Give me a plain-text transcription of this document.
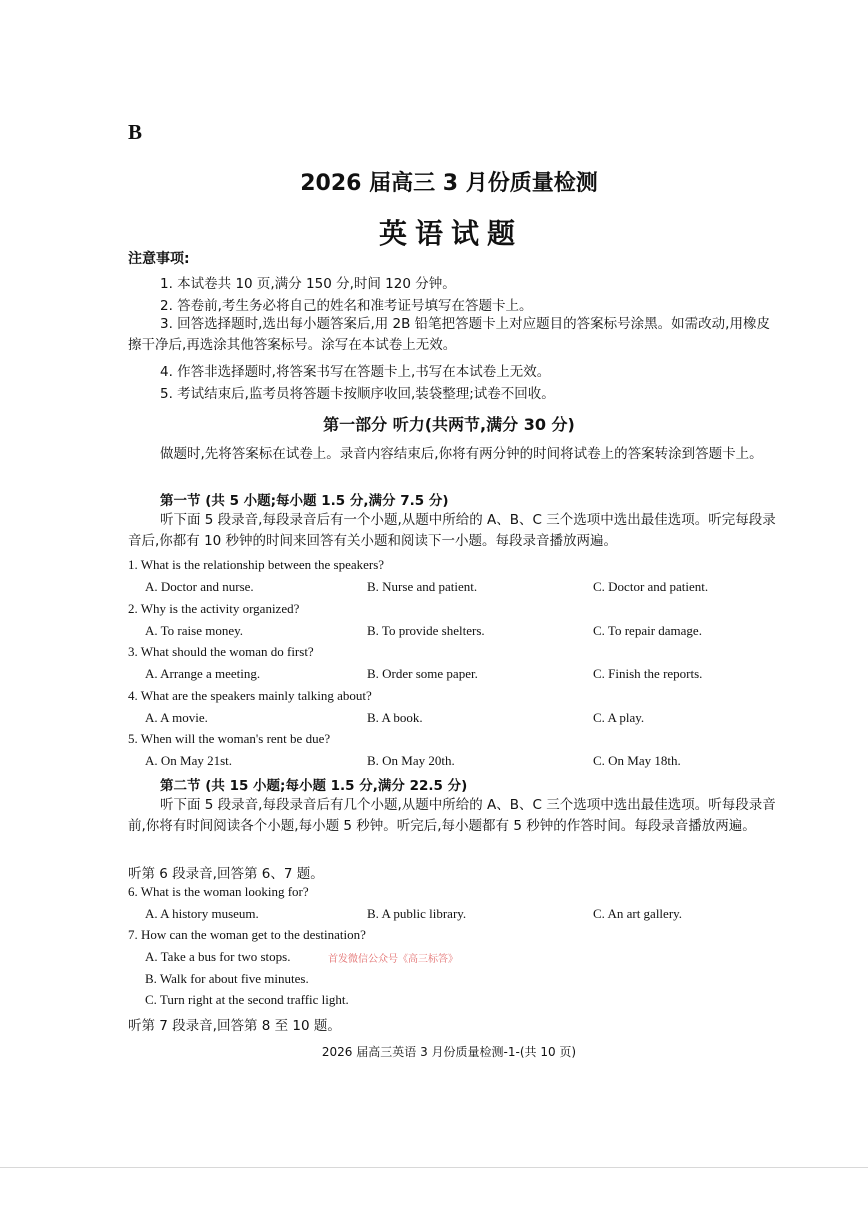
B
2026 届高三 3 月份质量检测
英语试题
注意事项:
1. 本试卷共 10 页,满分 150 分,时间 120 分钟。
2. 答卷前,考生务必将自己的姓名和准考证号填写在答题卡上。
3. 回答选择题时,选出每小题答案后,用 2B 铅笔把答题卡上对应题目的答案标号涂黑。如需改动,用橡皮擦干净后,再选涂其他答案标号。涂写在本试卷上无效。
4. 作答非选择题时,将答案书写在答题卡上,书写在本试卷上无效。
5. 考试结束后,监考员将答题卡按顺序收回,装袋整理;试卷不回收。
第一部分 听力(共两节,满分 30 分)
做题时,先将答案标在试卷上。录音内容结束后,你将有两分钟的时间将试卷上的答案转涂到答题卡上。
第一节 (共 5 小题;每小题 1.5 分,满分 7.5 分)
听下面 5 段录音,每段录音后有一个小题,从题中所给的 A、B、C 三个选项中选出最佳选项。听完每段录音后,你都有 10 秒钟的时间来回答有关小题和阅读下一小题。每段录音播放两遍。
1. What is the relationship between the speakers?
A. Doctor and nurse.	B. Nurse and patient.	C. Doctor and patient.
2. Why is the activity organized?
A. To raise money.	B. To provide shelters.	C. To repair damage.
3. What should the woman do first?
A. Arrange a meeting.	B. Order some paper.	C. Finish the reports.
4. What are the speakers mainly talking about?
A. A movie.	B. A book.	C. A play.
5. When will the woman's rent be due?
A. On May 21st.	B. On May 20th.	C. On May 18th.
第二节 (共 15 小题;每小题 1.5 分,满分 22.5 分)
听下面 5 段录音,每段录音后有几个小题,从题中所给的 A、B、C 三个选项中选出最佳选项。听每段录音前,你将有时间阅读各个小题,每小题 5 秒钟。听完后,每小题都有 5 秒钟的作答时间。每段录音播放两遍。
听第 6 段录音,回答第 6、7 题。
6. What is the woman looking for?
A. A history museum.	B. A public library.	C. An art gallery.
7. How can the woman get to the destination?
A. Take a bus for two stops.	首发微信公众号《高三标答》
B. Walk for about five minutes.
C. Turn right at the second traffic light.
听第 7 段录音,回答第 8 至 10 题。
2026 届高三英语 3 月份质量检测-1-(共 10 页)
